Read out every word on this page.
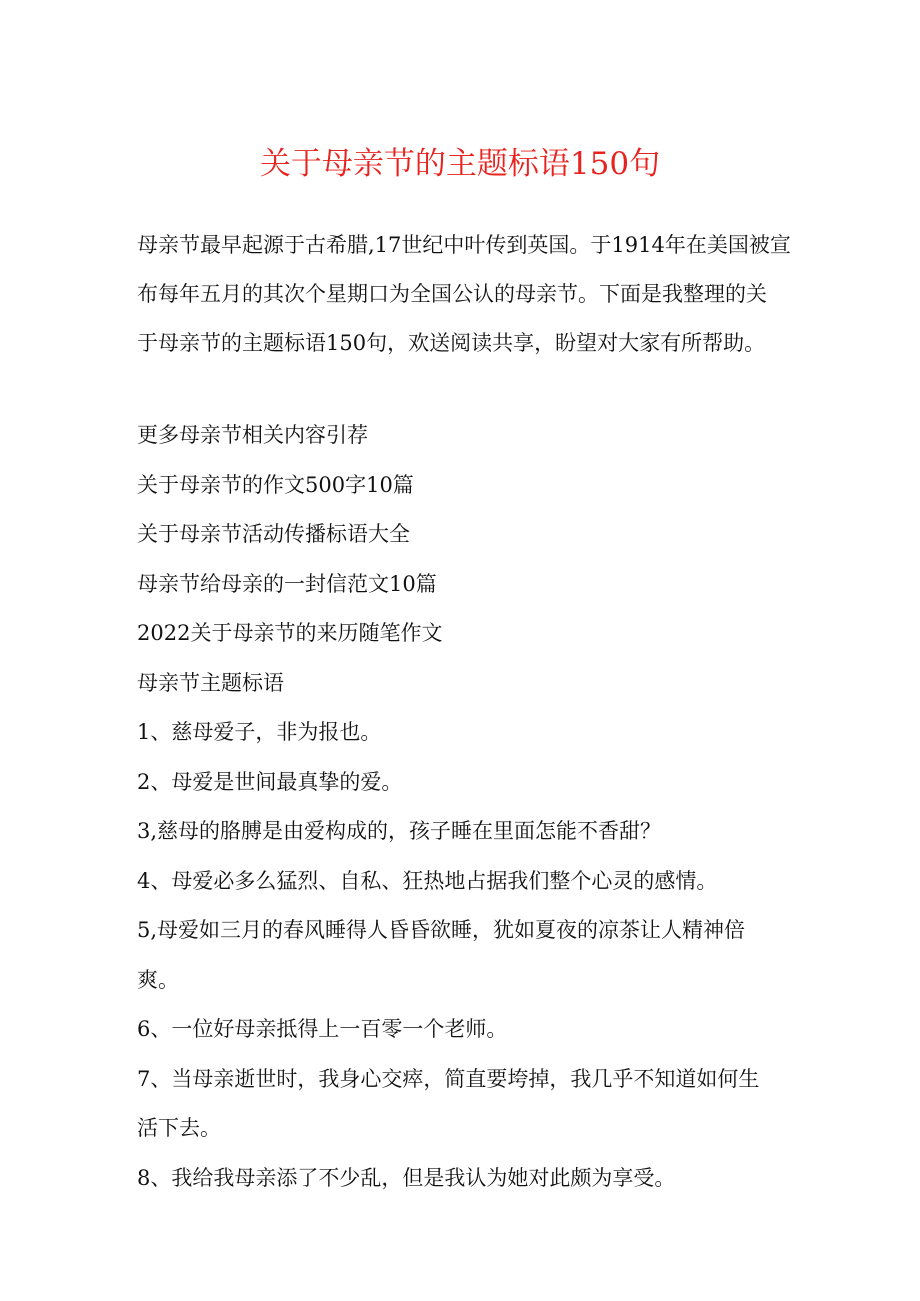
关于母亲节的主题标语150句
母亲节最早起源于古希腊,17世纪中叶传到英国。于1914年在美国被宣
布每年五月的其次个星期口为全国公认的母亲节。下面是我整理的关
于母亲节的主题标语150句，欢送阅读共享，盼望对大家有所帮助。
更多母亲节相关内容引荐
关于母亲节的作文500字10篇
关于母亲节活动传播标语大全
母亲节给母亲的一封信范文10篇
2022关于母亲节的来历随笔作文
母亲节主题标语
1、慈母爱子，非为报也。
2、母爱是世间最真挚的爱。
3,慈母的胳膊是由爱构成的，孩子睡在里面怎能不香甜？
4、母爱必多么猛烈、自私、狂热地占据我们整个心灵的感情。
5,母爱如三月的春风睡得人昏昏欲睡，犹如夏夜的凉茶让人精神倍
爽。
6、一位好母亲抵得上一百零一个老师。
7、当母亲逝世时，我身心交瘁，简直要垮掉，我几乎不知道如何生
活下去。
8、我给我母亲添了不少乱，但是我认为她对此颇为享受。
